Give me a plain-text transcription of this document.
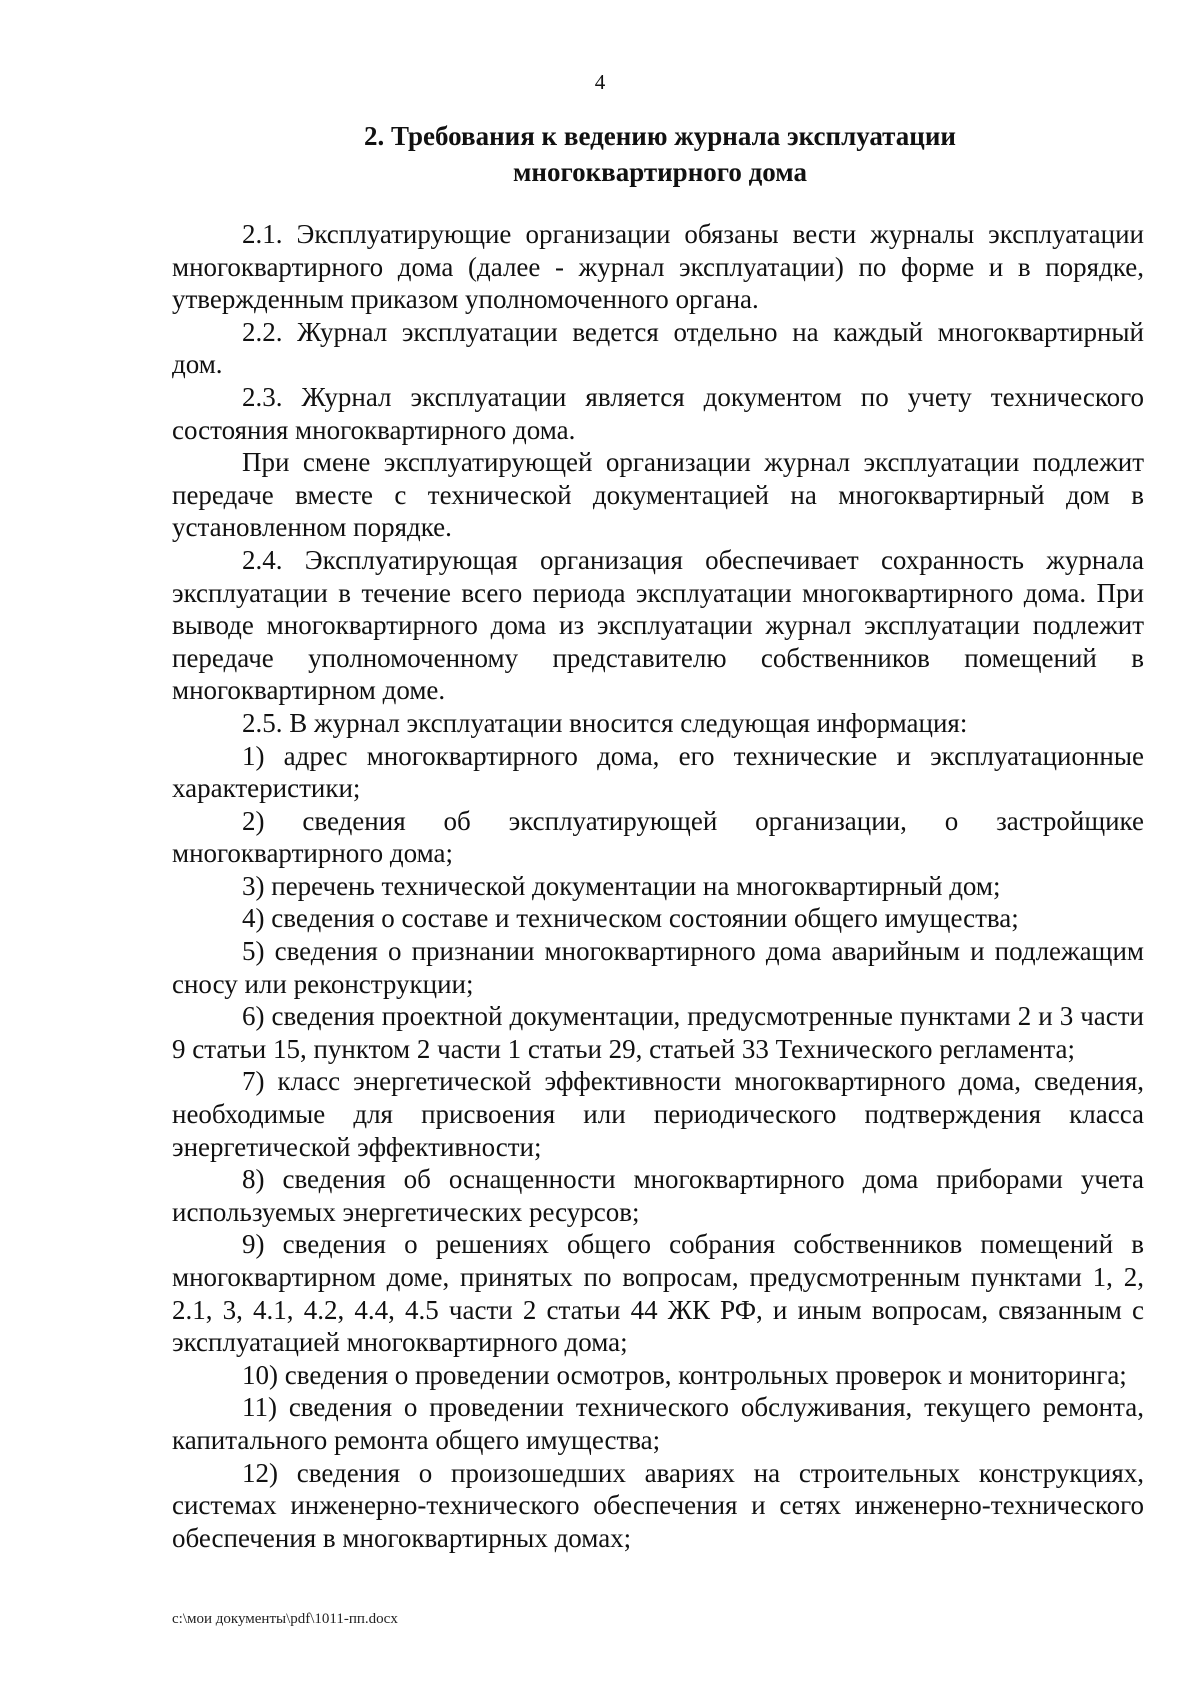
4
2. Требования к ведению журнала эксплуатации
многоквартирного дома

2.1. Эксплуатирующие организации обязаны вести журналы эксплуатации многоквартирного дома (далее - журнал эксплуатации) по форме и в порядке, утвержденным приказом уполномоченного органа.

2.2. Журнал эксплуатации ведется отдельно на каждый многоквартирный дом.

2.3. Журнал эксплуатации является документом по учету технического состояния многоквартирного дома.

При смене эксплуатирующей организации журнал эксплуатации подлежит передаче вместе с технической документацией на многоквартирный дом в установленном порядке.

2.4. Эксплуатирующая организация обеспечивает сохранность журнала эксплуатации в течение всего периода эксплуатации многоквартирного дома. При выводе многоквартирного дома из эксплуатации журнал эксплуатации подлежит передаче уполномоченному представителю собственников помещений в многоквартирном доме.

2.5. В журнал эксплуатации вносится следующая информация:

1) адрес многоквартирного дома, его технические и эксплуатационные характеристики;

2) сведения об эксплуатирующей организации, о застройщике многоквартирного дома;

3) перечень технической документации на многоквартирный дом;

4) сведения о составе и техническом состоянии общего имущества;

5) сведения о признании многоквартирного дома аварийным и подлежащим сносу или реконструкции;

6) сведения проектной документации, предусмотренные пунктами 2 и 3 части 9 статьи 15, пунктом 2 части 1 статьи 29, статьей 33 Технического регламента;

7) класс энергетической эффективности многоквартирного дома, сведения, необходимые для присвоения или периодического подтверждения класса энергетической эффективности;

8) сведения об оснащенности многоквартирного дома приборами учета используемых энергетических ресурсов;

9) сведения о решениях общего собрания собственников помещений в многоквартирном доме, принятых по вопросам, предусмотренным пунктами 1, 2, 2.1, 3, 4.1, 4.2, 4.4, 4.5 части 2 статьи 44 ЖК РФ, и иным вопросам, связанным с эксплуатацией многоквартирного дома;

10) сведения о проведении осмотров, контрольных проверок и мониторинга;

11) сведения о проведении технического обслуживания, текущего ремонта, капитального ремонта общего имущества;

12) сведения о произошедших авариях на строительных конструкциях, системах инженерно-технического обеспечения и сетях инженерно-технического обеспечения в многоквартирных домах;

c:\мои документы\pdf\1011-пп.docx
